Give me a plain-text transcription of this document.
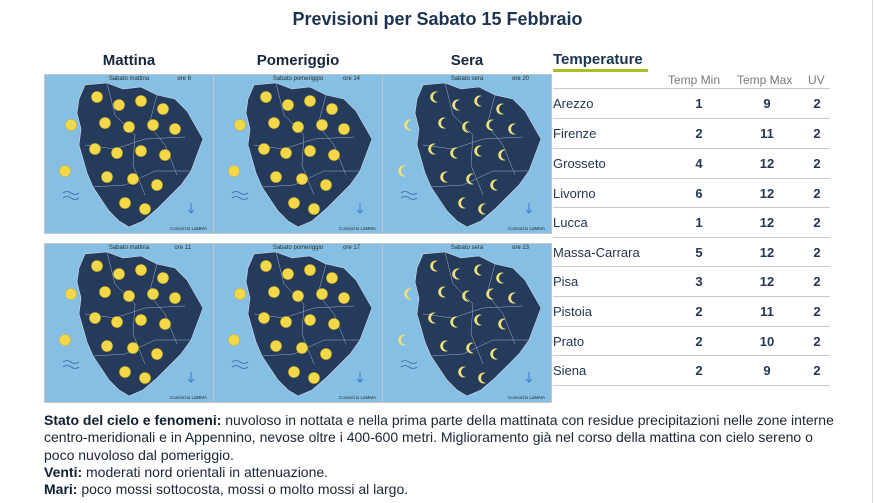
Previsioni per Sabato 15 Febbraio
Mattina	Pomeriggio	Sera
Sabato mattina	ore 8
Consorzio LaMMA
Sabato pomeriggio	ore 14
Consorzio LaMMA
Sabato sera	ore 20
Consorzio LaMMA
Sabato mattina	ore 11
Consorzio LaMMA
Sabato pomeriggio	ore 17
Consorzio LaMMA
Sabato sera	ore 23
Consorzio LaMMA
Temperature
Temp Min Temp Max UV
Arezzo	1	9	2
Firenze	2	11	2
Grosseto	4	12	2
Livorno	6	12	2
Lucca	1	12	2
Massa-Carrara	5	12	2
Pisa	3	12	2
Pistoia	2	11	2
Prato	2	10	2
Siena	2	9	2

Stato del cielo e fenomeni: nuvoloso in nottata e nella prima parte della mattinata con residue precipitazioni nelle zone interne centro-meridionali e in Appennino, nevose oltre i 400-600 metri. Miglioramento già nel corso della mattina con cielo sereno o poco nuvoloso dal pomeriggio.

Venti: moderati nord orientali in attenuazione.

Mari: poco mossi sottocosta, mossi o molto mossi al largo.
